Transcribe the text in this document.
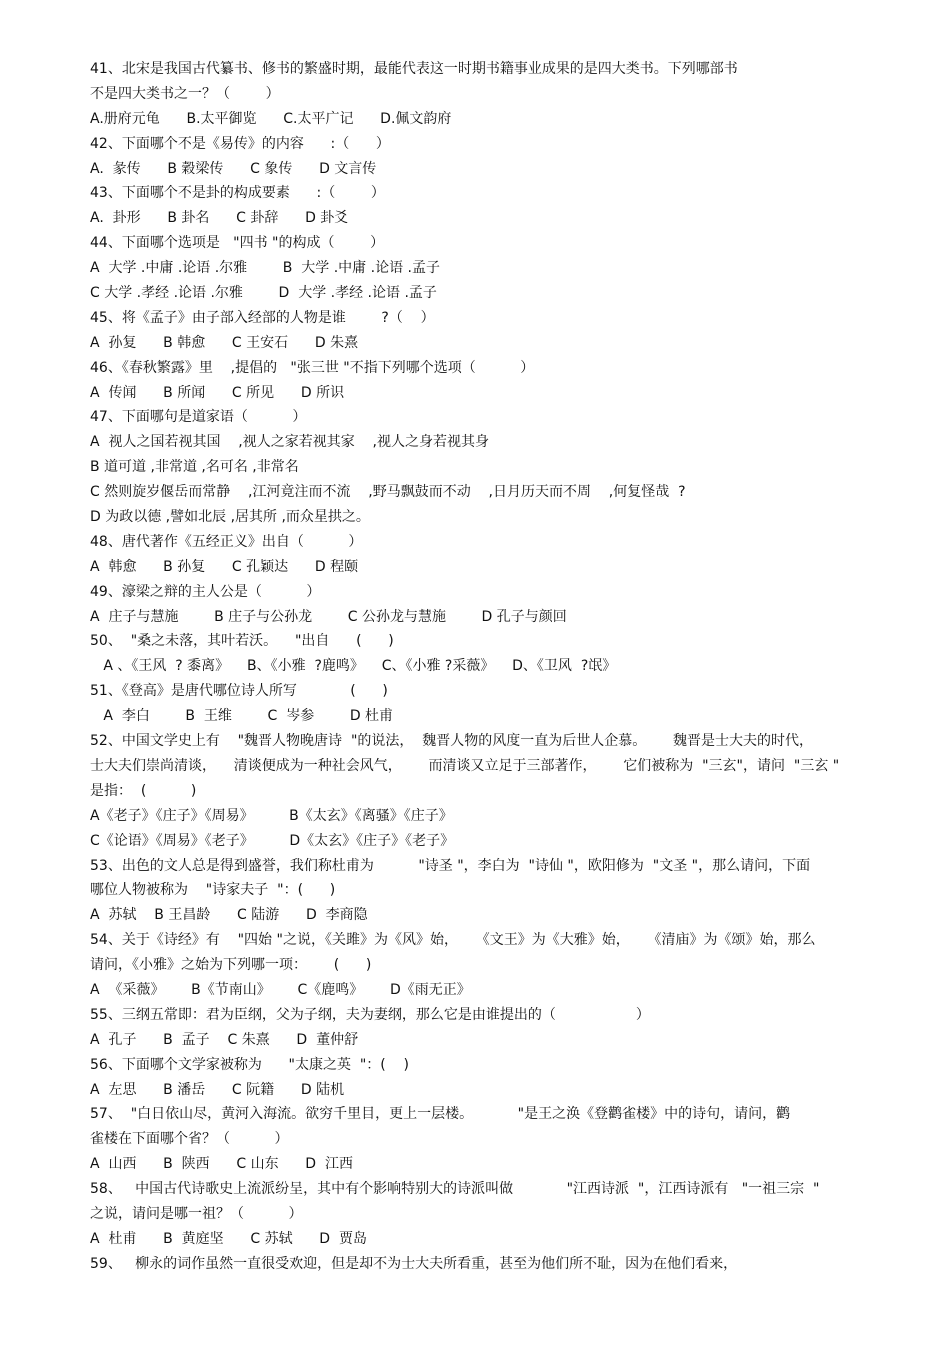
41、北宋是我国古代纂书、修书的繁盛时期，最能代表这一时期书籍事业成果的是四大类书。下列哪部书
不是四大类书之一？（        ）
A.册府元龟      B.太平御览      C.太平广记      D.佩文韵府
42、下面哪个不是《易传》的内容      :（      ）
A.  彖传      B 穀梁传      C 象传      D 文言传
43、下面哪个不是卦的构成要素      :（        ）
A.  卦形      B 卦名      C 卦辞      D 卦爻
44、下面哪个选项是   "四书 "的构成（        ）
A  大学 .中庸 .论语 .尔雅        B  大学 .中庸 .论语 .孟子
C 大学 .孝经 .论语 .尔雅        D  大学 .孝经 .论语 .孟子
45、将《孟子》由子部入经部的人物是谁        ?（    ）
A  孙复      B 韩愈      C 王安石      D 朱熹
46、《春秋繁露》里    ,提倡的   "张三世 "不指下列哪个选项（          ）
A  传闻      B 所闻      C 所见      D 所识
47、下面哪句是道家语（          ）
A  视人之国若视其国    ,视人之家若视其家    ,视人之身若视其身
B 道可道 ,非常道 ,名可名 ,非常名
C 然则旋岁偃岳而常静    ,江河竟注而不流    ,野马飘鼓而不动    ,日月历天而不周    ,何复怪哉  ?
D 为政以德 ,譬如北辰 ,居其所 ,而众星拱之。
48、唐代著作《五经正义》出自（          ）
A  韩愈      B 孙复      C 孔颖达      D 程颐
49、濠梁之辩的主人公是（          ）
A  庄子与慧施        B 庄子与公孙龙        C 公孙龙与慧施        D 孔子与颜回
50、  "桑之未落，其叶若沃。    "出自      (      )
A 、《王风  ? 黍离》    B、《小雅  ?鹿鸣》    C、《小雅 ?采薇》    D、《卫风  ?氓》
51、《登高》是唐代哪位诗人所写            (      )
A  李白        B  王维        C  岑参        D 杜甫
52、中国文学史上有    "魏晋人物晚唐诗  "的说法，  魏晋人物的风度一直为后世人企慕。      魏晋是士大夫的时代，
士大夫们崇尚清谈，    清谈便成为一种社会风气，      而清谈又立足于三部著作，      它们被称为  "三玄"，请问  "三玄 "
是指：  (          )
A《老子》《庄子》《周易》        B《太玄》《离骚》《庄子》
C《论语》《周易》《老子》        D《太玄》《庄子》《老子》
53、出色的文人总是得到盛誉，我们称杜甫为          "诗圣 "，李白为  "诗仙 "，欧阳修为  "文圣 "，那么请问，下面
哪位人物被称为    "诗家夫子  "：(      )
A  苏轼    B 王昌龄      C 陆游      D  李商隐
54、关于《诗经》有    "四始 "之说，《关雎》为《风》始，    《文王》为《大雅》始，    《清庙》为《颂》始，那么
请问，《小雅》之始为下列哪一项：      (      )
A  《采薇》      B《节南山》      C《鹿鸣》      D《雨无正》
55、三纲五常即：君为臣纲，父为子纲，夫为妻纲，那么它是由谁提出的（                  ）
A  孔子      B  孟子    C 朱熹      D  董仲舒
56、下面哪个文学家被称为      "太康之英  "：(    )
A  左思      B 潘岳      C 阮籍      D 陆机
57、  "白日依山尽，黄河入海流。欲穷千里目，更上一层楼。          "是王之涣《登鹳雀楼》中的诗句，请问，鹳
雀楼在下面哪个省？（          ）
A  山西      B  陕西      C 山东      D  江西
58、   中国古代诗歌史上流派纷呈，其中有个影响特别大的诗派叫做            "江西诗派  "，江西诗派有   "一祖三宗  "
之说，请问是哪一祖？（          ）
A  杜甫      B  黄庭坚      C 苏轼      D  贾岛
59、   柳永的词作虽然一直很受欢迎，但是却不为士大夫所看重，甚至为他们所不耻，因为在他们看来，
